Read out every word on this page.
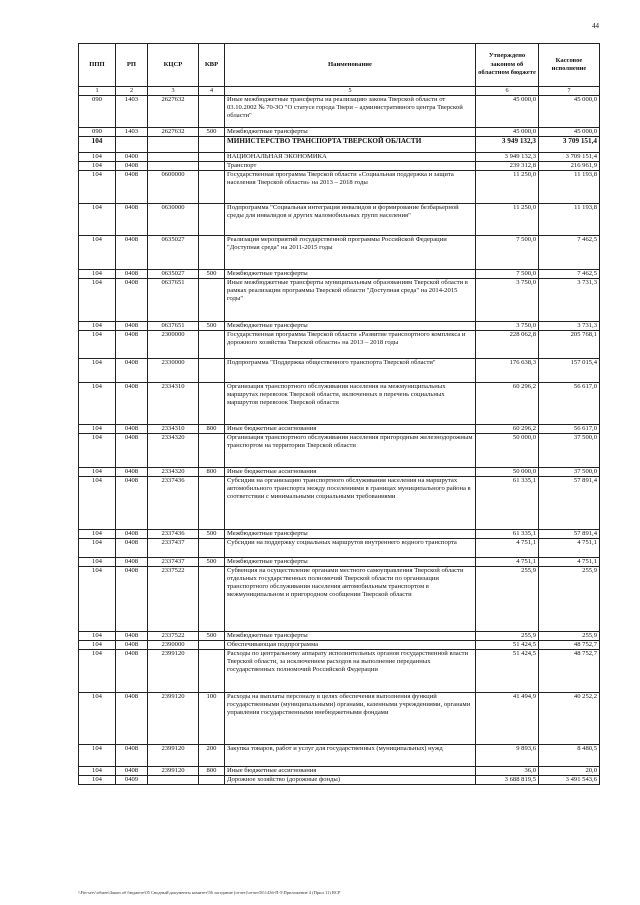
44
ППП	РП	КЦСР	КВР	Наименование	Утверждено законом об областном бюджете	Кассовое исполнение
1	2	3	4	5	6	7
090	1403	2627632		Иные межбюджетные трансферты на реализацию закона Тверской области от 03.10.2002 № 70-ЗО "О статусе города Твери – административного центра Тверской области"	45 000,0	45 000,0
090	1403	2627632	500	Межбюджетные трансферты	45 000,0	45 000,0
104				МИНИСТЕРСТВО ТРАНСПОРТА ТВЕРСКОЙ ОБЛАСТИ	3 949 132,3	3 709 151,4
104	0400			НАЦИОНАЛЬНАЯ ЭКОНОМИКА	3 949 132,3	3 709 151,4
104	0408			Транспорт	239 312,8	216 961,9
104	0408	0600000		Государственная программа Тверской области «Социальная поддержка и защита населения Тверской области» на 2013 – 2018 годы	11 250,0	11 193,8
104	0408	0630000		Подпрограмма "Социальная интеграция инвалидов и формирование безбарьерной среды для инвалидов и других маломобильных групп населения"	11 250,0	11 193,8
104	0408	0635027		Реализация мероприятий государственной программы Российской Федерации "Доступная среда" на 2011-2015 годы	7 500,0	7 462,5
104	0408	0635027	500	Межбюджетные трансферты	7 500,0	7 462,5
104	0408	0637651		Иные межбюджетные трансферты муниципальным образованиям Тверской области в рамках реализации программы Тверской области "Доступная среда" на 2014-2015 годы"	3 750,0	3 731,3
104	0408	0637651	500	Межбюджетные трансферты	3 750,0	3 731,3
104	0408	2300000		Государственная программа Тверской области «Развитие транспортного комплекса и дорожного хозяйства Тверской области» на 2013 – 2018 годы	228 062,8	205 768,1
104	0408	2330000		Подпрограмма "Поддержка общественного транспорта Тверской области"	176 638,3	157 015,4
104	0408	2334310		Организация транспортного обслуживания населения на межмуниципальных маршрутах перевозок Тверской области, включенных в перечень социальных маршрутов перевозок Тверской области	60 296,2	56 617,0
104	0408	2334310	800	Иные бюджетные ассигнования	60 296,2	56 617,0
104	0408	2334320		Организация транспортного обслуживания населения пригородным железнодорожным транспортом на территории Тверской области	50 000,0	37 500,0
104	0408	2334320	800	Иные бюджетные ассигнования	50 000,0	37 500,0
104	0408	2337436		Субсидии на организацию транспортного обслуживания населения на маршрутах автомобильного транспорта между поселениями в границах муниципального района в соответствии с минимальными социальными требованиями	61 335,1	57 891,4
104	0408	2337436	500	Межбюджетные трансферты	61 335,1	57 891,4
104	0408	2337437		Субсидии на поддержку социальных маршрутов внутреннего водного транспорта	4 751,1	4 751,1
104	0408	2337437	500	Межбюджетные трансферты	4 751,1	4 751,1
104	0408	2337522		Субвенция на осуществление органами местного самоуправления Тверской области отдельных государственных полномочий Тверской области по организации транспортного обслуживания населения автомобильным транспортом в межмуниципальном и пригородном сообщении Тверской области	255,9	255,9
104	0408	2337522	500	Межбюджетные трансферты	255,9	255,9
104	0408	2390000		Обеспечивающая подпрограмма	51 424,5	48 752,7
104	0408	2399120		Расходы по центральному аппарату исполнительных органов государственной власти Тверской области, за исключением расходов на выполнение переданных государственных полномочий Российской Федерации	51 424,5	48 752,7
104	0408	2399120	100	Расходы на выплаты персоналу в целях обеспечения выполнения функций государственными (муниципальными) органами, казенными учреждениями, органами управления государственными внебюджетными фондами	41 494,9	40 252,2
104	0408	2399120	200	Закупка товаров, работ и услуг для государственных (муниципальных) нужд	9 893,6	8 480,5
104	0408	2399120	800	Иные бюджетные ассигнования	36,0	20,0
104	0409			Дорожное хозяйство (дорожные фонды)	3 688 819,5	3 491 543,6
\\Fin-serv\обмен\Закон об бюджете\05 Сводный\документы комитет\56 заседание (отчет)\отчет56\1436-П-5\Приложение 4 (Прил 11) ВСР
